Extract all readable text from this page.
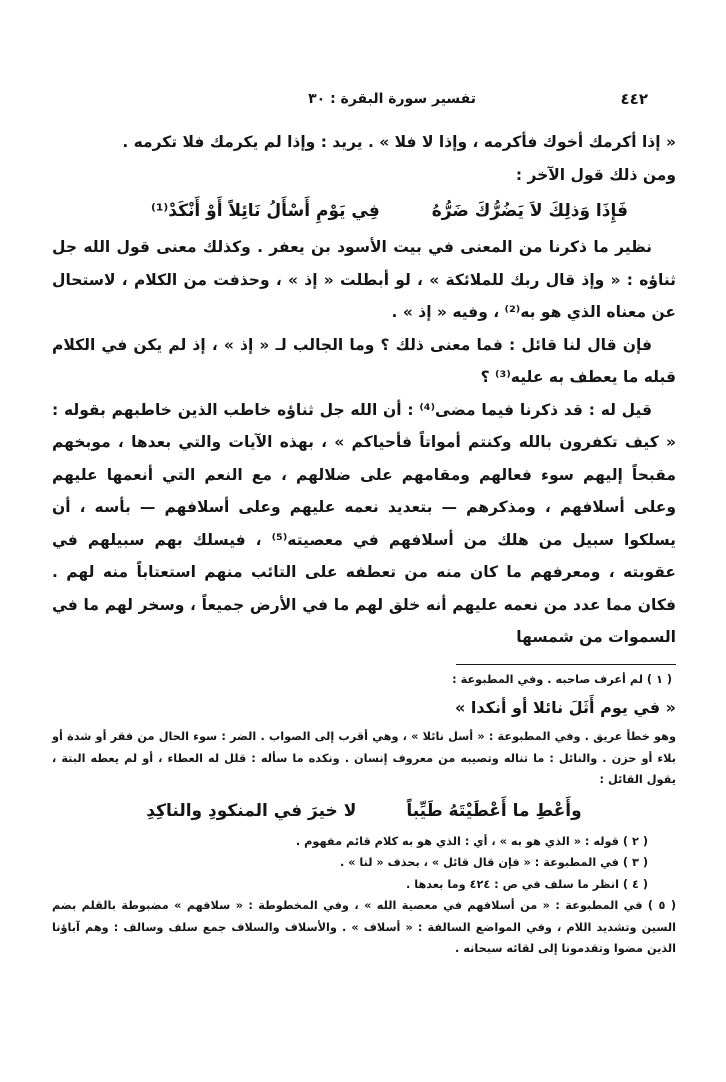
٤٤٢
تفسير سورة البقرة : ٣٠

« إذا أكرمك أخوك فأكرمه ، وإذا لا فلا » . يريد : وإذا لم يكرمك فلا تكرمه .

ومن ذلك قول الآخر :

فَإِذَا وَذلِكَ لاَ يَضُرُّكَ ضَرُّهُ
فِي يَوْمِ أَسْأَلُ نَائِلاً أَوْ أَنْكَدْ⁽¹⁾

نظير ما ذكرنا من المعنى في بيت الأسود بن يعفر . وكذلك معنى قول الله جل ثناؤه : « وإذ قال ربك للملائكة » ، لو أبطلت « إذ » ، وحذفت من الكلام ، لاستحال عن معناه الذي هو به⁽²⁾ ، وفيه « إذ » .

فإن قال لنا قائل : فما معنى ذلك ؟ وما الجالب لـ « إذ » ، إذ لم يكن في الكلام قبله ما يعطف به عليه⁽³⁾ ؟

قيل له : قد ذكرنا فيما مضى⁽⁴⁾ : أن الله جل ثناؤه خاطب الذين خاطبهم بقوله : « كيف تكفرون بالله وكنتم أمواتاً فأحياكم » ، بهذه الآيات والتي بعدها ، موبخهم مقبحاً إليهم سوء فعالهم ومقامهم على ضلالهم ، مع النعم التي أنعمها عليهم وعلى أسلافهم ، ومذكرهم — بتعديد نعمه عليهم وعلى أسلافهم — بأسه ، أن يسلكوا سبيل من هلك من أسلافهم في معصيته⁽⁵⁾ ، فيسلك بهم سبيلهم في عقوبته ، ومعرفهم ما كان منه من تعطفه على التائب منهم استعتاباً منه لهم . فكان مما عدد من نعمه عليهم أنه خلق لهم ما في الأرض جميعاً ، وسخر لهم ما في السموات من شمسها

( ١ ) لم أعرف صاحبه . وفي المطبوعة :

« في يوم أَثَلَ نائلا أو أنكدا »

وهو خطأ عريق . وفي المطبوعة : « أسل نائلا » ، وهي أقرب إلى الصواب . الضر : سوء الحال من فقر أو شدة أو بلاء أو حزن . والنائل : ما تناله وتصيبه من معروف إنسان . ونكده ما سأله : قلل له العطاء ، أو لم يعطه البتة ، يقول القائل :

وأَعْطِ ما أَعْطَيْتَهُ طَيِّباً
لا خيرَ في المنكودِ والناكِدِ

( ٢ ) قوله : « الذي هو به » ، أي : الذي هو به كلام قائم مفهوم .

( ٣ ) في المطبوعة : « فإن قال قائل » ، بحذف « لنا » .

( ٤ ) انظر ما سلف في ص : ٤٢٤ وما بعدها .

( ٥ ) في المطبوعة : « من أسلافهم في معصية الله » ، وفي المخطوطة : « سلافهم » مضبوطة بالقلم بضم السين وتشديد اللام ، وفي المواضع السالفة : « أسلاف » . والأسلاف والسلاف جمع سلف وسالف : وهم آباؤنا الذين مضوا وتقدمونا إلى لقائه سبحانه .
